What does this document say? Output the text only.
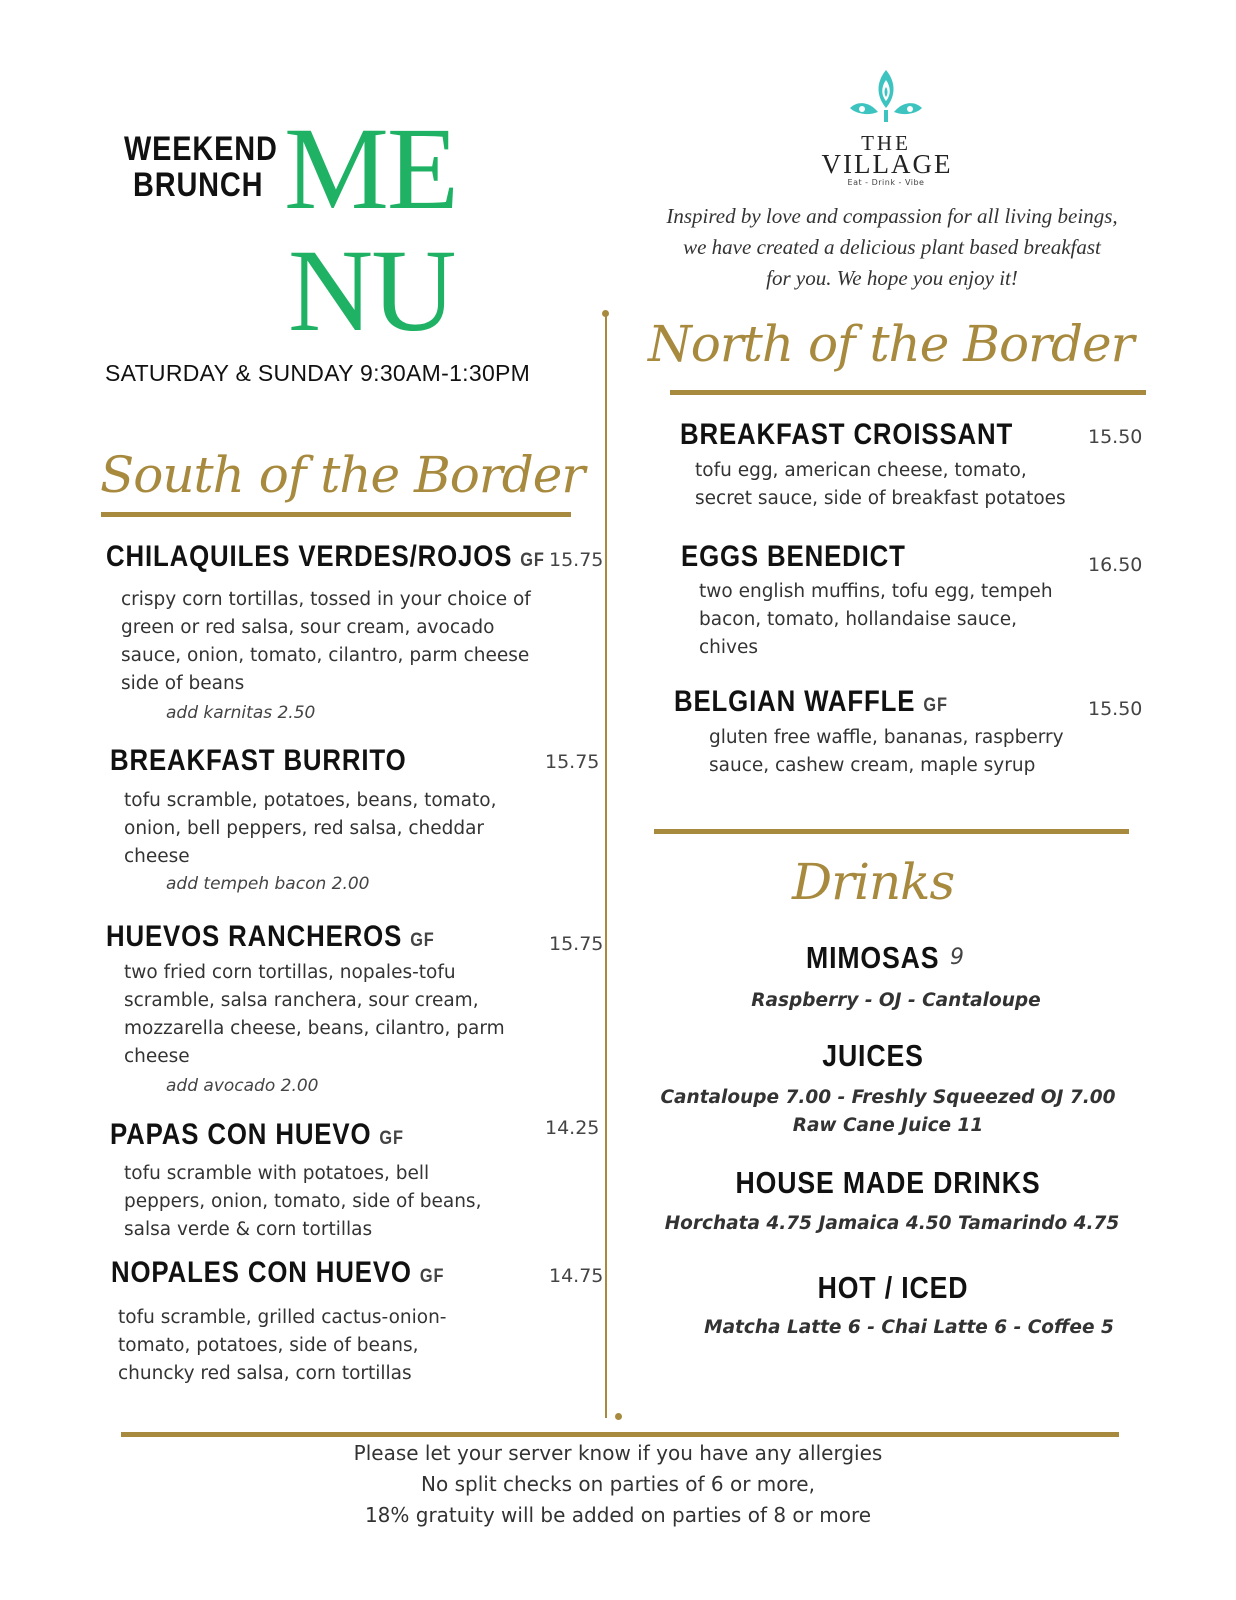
WEEKEND
BRUNCH ME
NU
SATURDAY & SUNDAY 9:30AM-1:30PM
THE
VILLAGE
Eat - Drink - Vibe
Inspired by love and compassion for all living beings,
we have created a delicious plant based breakfast
for you. We hope you enjoy it!
South of the Border
CHILAQUILES VERDES/ROJOS GF 15.75
crispy corn tortillas, tossed in your choice of
green or red salsa, sour cream, avocado
sauce, onion, tomato, cilantro, parm cheese
side of beans
add karnitas 2.50
BREAKFAST BURRITO	15.75
tofu scramble, potatoes, beans, tomato,
onion, bell peppers, red salsa, cheddar
cheese
add tempeh bacon 2.00
HUEVOS RANCHEROS GF	15.75
two fried corn tortillas, nopales-tofu
scramble, salsa ranchera, sour cream,
mozzarella cheese, beans, cilantro, parm
cheese
add avocado 2.00
PAPAS CON HUEVO GF	14.25
tofu scramble with potatoes, bell
peppers, onion, tomato, side of beans,
salsa verde & corn tortillas
NOPALES CON HUEVO GF	14.75
tofu scramble, grilled cactus-onion-
tomato, potatoes, side of beans,
chuncky red salsa, corn tortillas
North of the Border
BREAKFAST CROISSANT	15.50
tofu egg, american cheese, tomato,
secret sauce, side of breakfast potatoes
EGGS BENEDICT	16.50
two english muffins, tofu egg, tempeh
bacon, tomato, hollandaise sauce,
chives
BELGIAN WAFFLE GF	15.50
gluten free waffle, bananas, raspberry
sauce, cashew cream, maple syrup
Drinks
MIMOSAS 9
Raspberry - OJ - Cantaloupe
JUICES
Cantaloupe 7.00 - Freshly Squeezed OJ 7.00
Raw Cane Juice 11
HOUSE MADE DRINKS
Horchata 4.75 Jamaica 4.50 Tamarindo 4.75
HOT / ICED
Matcha Latte 6 - Chai Latte 6 - Coffee 5
Please let your server know if you have any allergies
No split checks on parties of 6 or more,
18% gratuity will be added on parties of 8 or more
